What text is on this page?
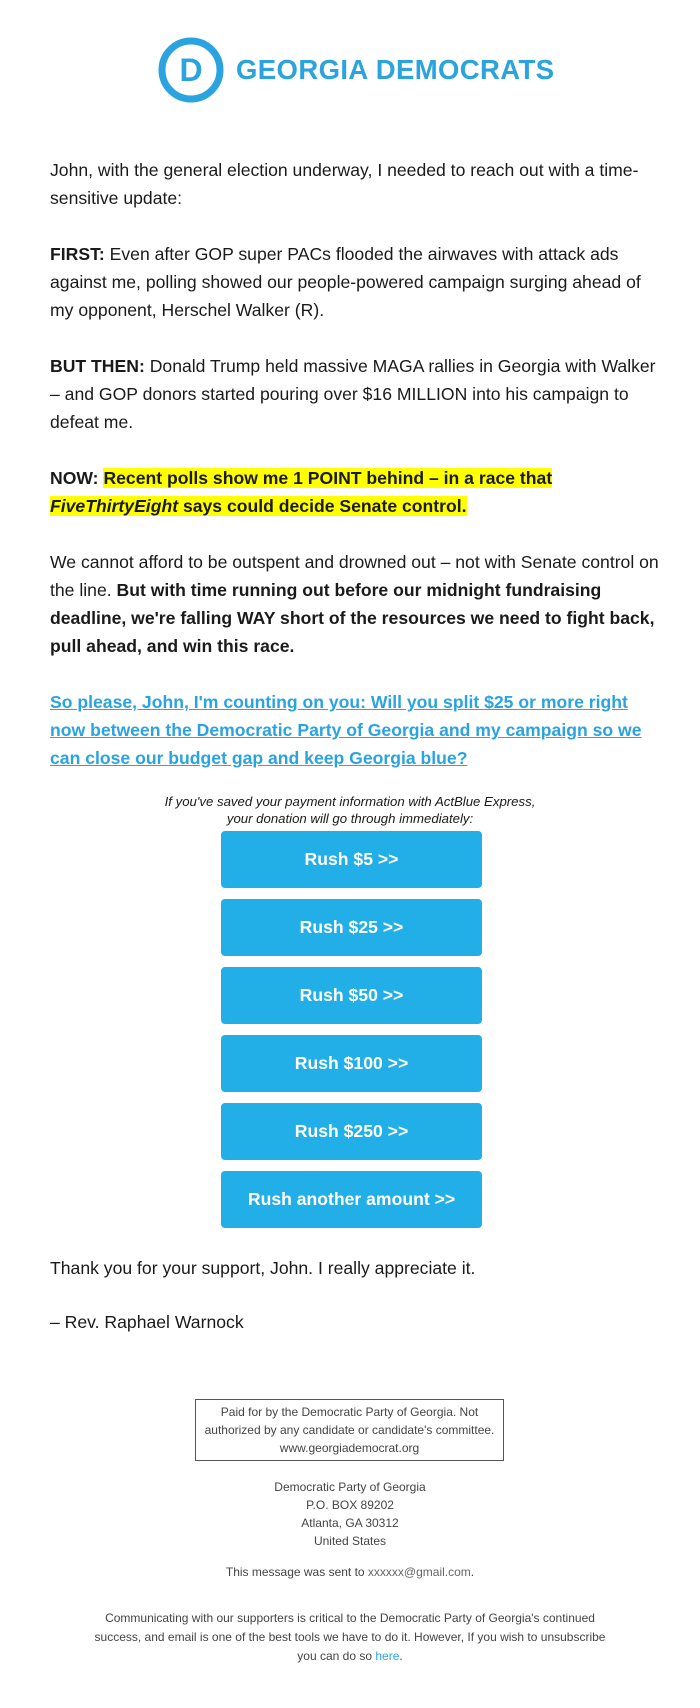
D GEORGIA DEMOCRATS

John, with the general election underway, I needed to reach out with a time-sensitive update:

FIRST: Even after GOP super PACs flooded the airwaves with attack ads against me, polling showed our people-powered campaign surging ahead of my opponent, Herschel Walker (R).

BUT THEN: Donald Trump held massive MAGA rallies in Georgia with Walker – and GOP donors started pouring over $16 MILLION into his campaign to defeat me.

NOW: Recent polls show me 1 POINT behind – in a race that FiveThirtyEight says could decide Senate control.

We cannot afford to be outspent and drowned out – not with Senate control on the line. But with time running out before our midnight fundraising deadline, we're falling WAY short of the resources we need to fight back, pull ahead, and win this race.

So please, John, I'm counting on you: Will you split $25 or more right now between the Democratic Party of Georgia and my campaign so we can close our budget gap and keep Georgia blue?

If you've saved your payment information with ActBlue Express,
your donation will go through immediately:
Rush $5 >>
Rush $25 >>
Rush $50 >>
Rush $100 >>
Rush $250 >>
Rush another amount >>

Thank you for your support, John. I really appreciate it.

– Rev. Raphael Warnock

Paid for by the Democratic Party of Georgia. Not
authorized by any candidate or candidate's committee.
www.georgiademocrat.org
Democratic Party of Georgia
P.O. BOX 89202
Atlanta, GA 30312
United States
This message was sent to xxxxxx@gmail.com.
Communicating with our supporters is critical to the Democratic Party of Georgia's continued success, and email is one of the best tools we have to do it. However, If you wish to unsubscribe you can do so here.
